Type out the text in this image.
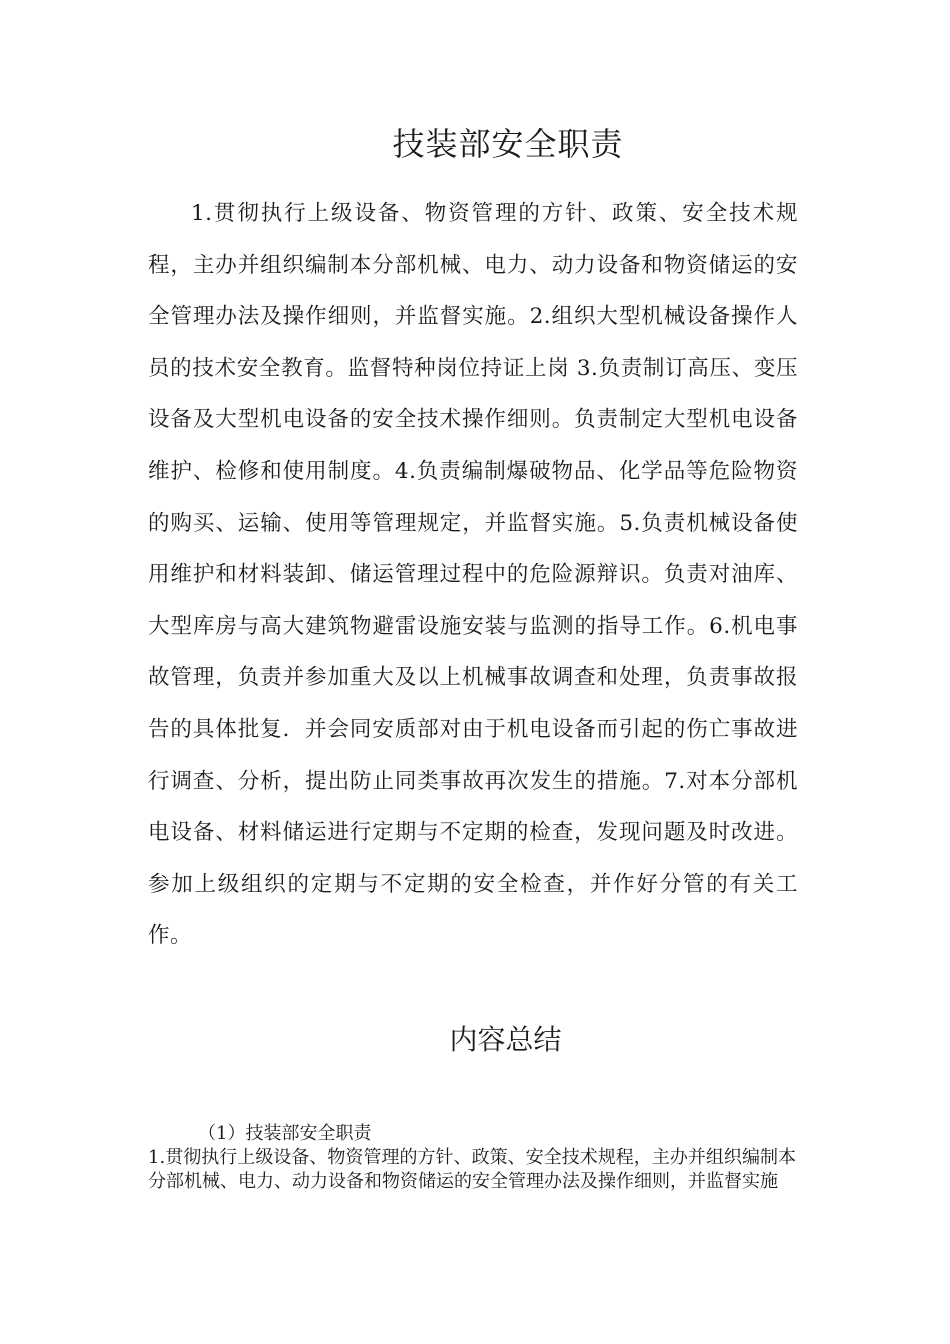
技装部安全职责

1.贯彻执行上级设备、物资管理的方针、政策、安全技术规程，主办并组织编制本分部机械、电力、动力设备和物资储运的安全管理办法及操作细则，并监督实施。2.组织大型机械设备操作人员的技术安全教育。监督特种岗位持证上岗 3.负责制订高压、变压设备及大型机电设备的安全技术操作细则。负责制定大型机电设备维护、检修和使用制度。4.负责编制爆破物品、化学品等危险物资的购买、运输、使用等管理规定，并监督实施。5.负责机械设备使用维护和材料装卸、储运管理过程中的危险源辩识。负责对油库、大型库房与高大建筑物避雷设施安装与监测的指导工作。6.机电事故管理，负责并参加重大及以上机械事故调查和处理，负责事故报告的具体批复．并会同安质部对由于机电设备而引起的伤亡事故进行调查、分析，提出防止同类事故再次发生的措施。7.对本分部机电设备、材料储运进行定期与不定期的检查，发现问题及时改进。参加上级组织的定期与不定期的安全检查，并作好分管的有关工作。

内容总结

（1）技装部安全职责

1.贯彻执行上级设备、物资管理的方针、政策、安全技术规程，主办并组织编制本分部机械、电力、动力设备和物资储运的安全管理办法及操作细则，并监督实施
